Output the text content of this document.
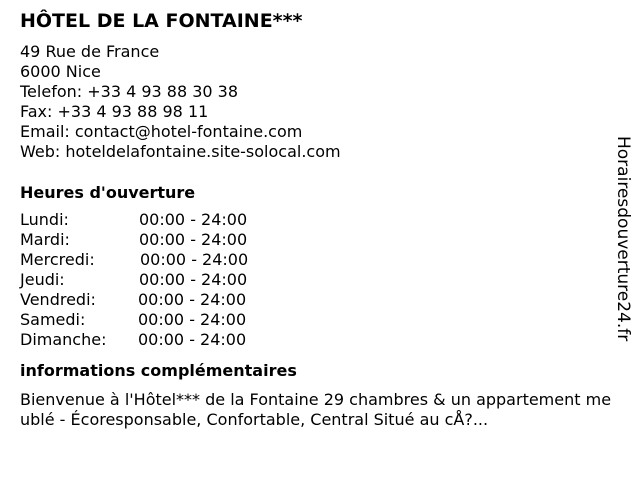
HÔTEL DE LA FONTAINE***
49 Rue de France
6000 Nice
Telefon: +33 4 93 88 30 38
Fax: +33 4 93 88 98 11
Email: contact@hotel-fontaine.com
Web: hoteldelafontaine.site-solocal.com
Heures d'ouverture
Lundi:	00:00 - 24:00
Mardi:	00:00 - 24:00
Mercredi:	00:00 - 24:00
Jeudi:	00:00 - 24:00
Vendredi:	00:00 - 24:00
Samedi:	00:00 - 24:00
Dimanche: 00:00 - 24:00
informations complémentaires
Bienvenue à l'Hôtel*** de la Fontaine 29 chambres & un appartement meublé - Écoresponsable, Confortable, Central Situé au cÅ?...
Horairesdouverture24.fr
